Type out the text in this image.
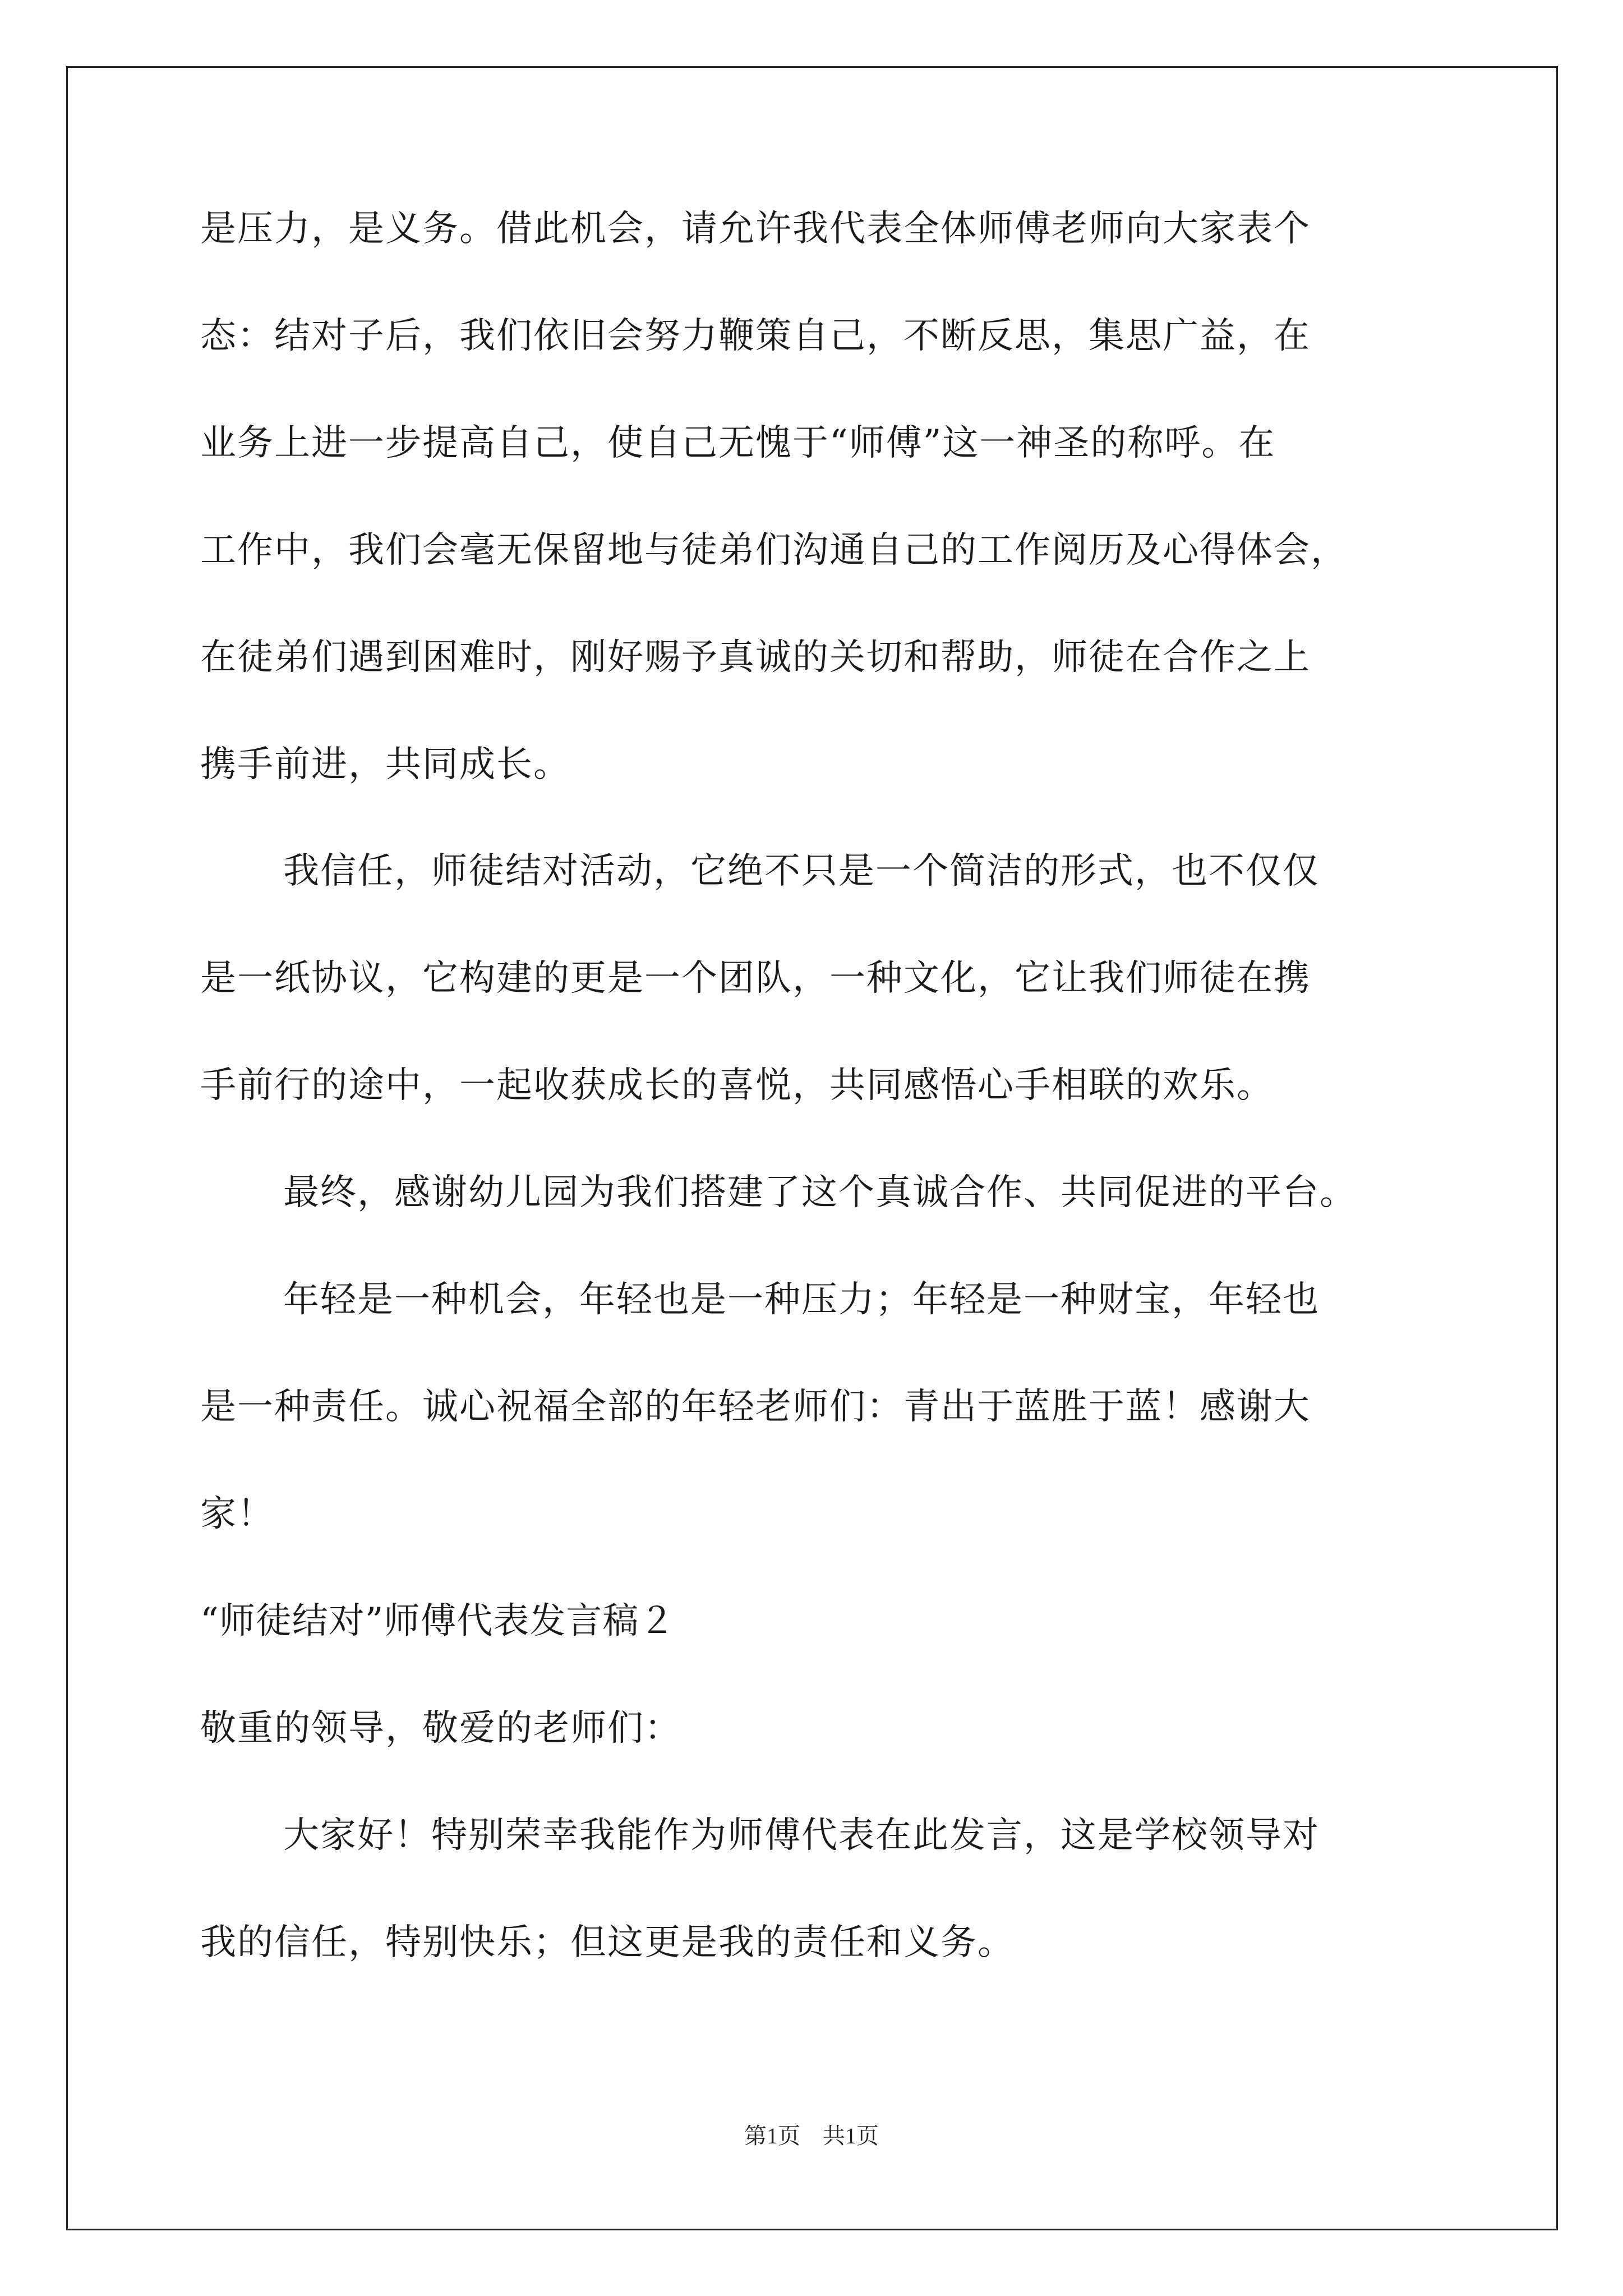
是压力，是义务。借此机会，请允许我代表全体师傅老师向大家表个
态：结对子后，我们依旧会努力鞭策自己，不断反思，集思广益，在
业务上进一步提高自己，使自己无愧于“师傅”这一神圣的称呼。在
工作中，我们会毫无保留地与徒弟们沟通自己的工作阅历及心得体会，
在徒弟们遇到困难时，刚好赐予真诚的关切和帮助，师徒在合作之上
携手前进，共同成长。
我信任，师徒结对活动，它绝不只是一个简洁的形式，也不仅仅
是一纸协议，它构建的更是一个团队，一种文化，它让我们师徒在携
手前行的途中，一起收获成长的喜悦，共同感悟心手相联的欢乐。
最终，感谢幼儿园为我们搭建了这个真诚合作、共同促进的平台。
年轻是一种机会，年轻也是一种压力；年轻是一种财宝，年轻也
是一种责任。诚心祝福全部的年轻老师们：青出于蓝胜于蓝！感谢大
家！
“师徒结对”师傅代表发言稿２
敬重的领导，敬爱的老师们：
大家好！特别荣幸我能作为师傅代表在此发言，这是学校领导对
我的信任，特别快乐；但这更是我的责任和义务。
第1页 共1页
